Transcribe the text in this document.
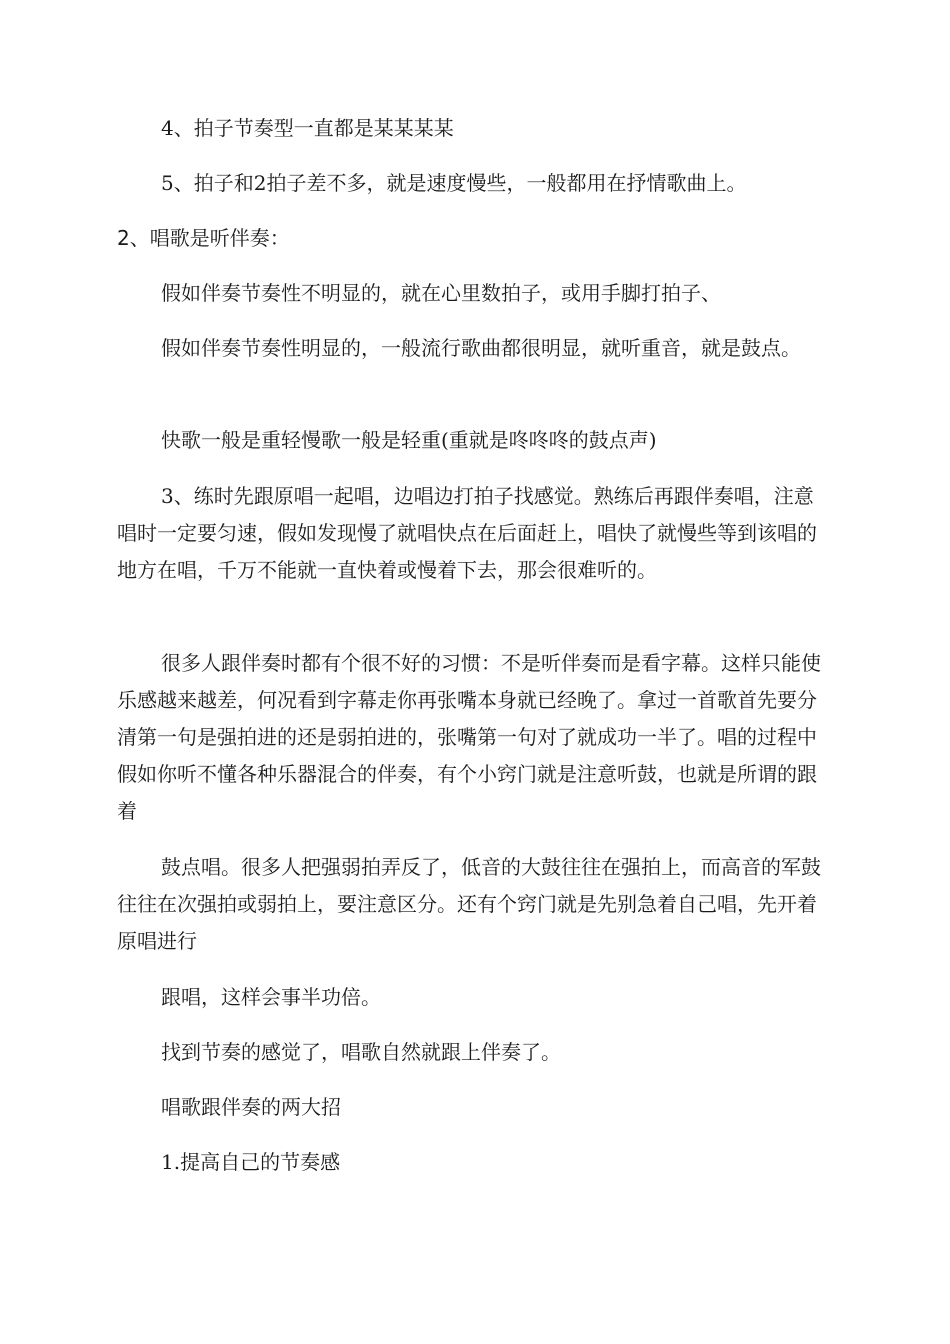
4、拍子节奏型一直都是某某某某

5、拍子和2拍子差不多，就是速度慢些，一般都用在抒情歌曲上。

2、唱歌是听伴奏：

假如伴奏节奏性不明显的，就在心里数拍子，或用手脚打拍子、

假如伴奏节奏性明显的，一般流行歌曲都很明显，就听重音，就是鼓点。

快歌一般是重轻慢歌一般是轻重(重就是咚咚咚的鼓点声)

3、练时先跟原唱一起唱，边唱边打拍子找感觉。熟练后再跟伴奏唱，注意唱时一定要匀速，假如发现慢了就唱快点在后面赶上，唱快了就慢些等到该唱的地方在唱，千万不能就一直快着或慢着下去，那会很难听的。

很多人跟伴奏时都有个很不好的习惯：不是听伴奏而是看字幕。这样只能使乐感越来越差，何况看到字幕走你再张嘴本身就已经晚了。拿过一首歌首先要分清第一句是强拍进的还是弱拍进的，张嘴第一句对了就成功一半了。唱的过程中假如你听不懂各种乐器混合的伴奏，有个小窍门就是注意听鼓，也就是所谓的跟着

鼓点唱。很多人把强弱拍弄反了，低音的大鼓往往在强拍上，而高音的军鼓往往在次强拍或弱拍上，要注意区分。还有个窍门就是先别急着自己唱，先开着原唱进行

跟唱，这样会事半功倍。

找到节奏的感觉了，唱歌自然就跟上伴奏了。

唱歌跟伴奏的两大招

1.提高自己的节奏感
